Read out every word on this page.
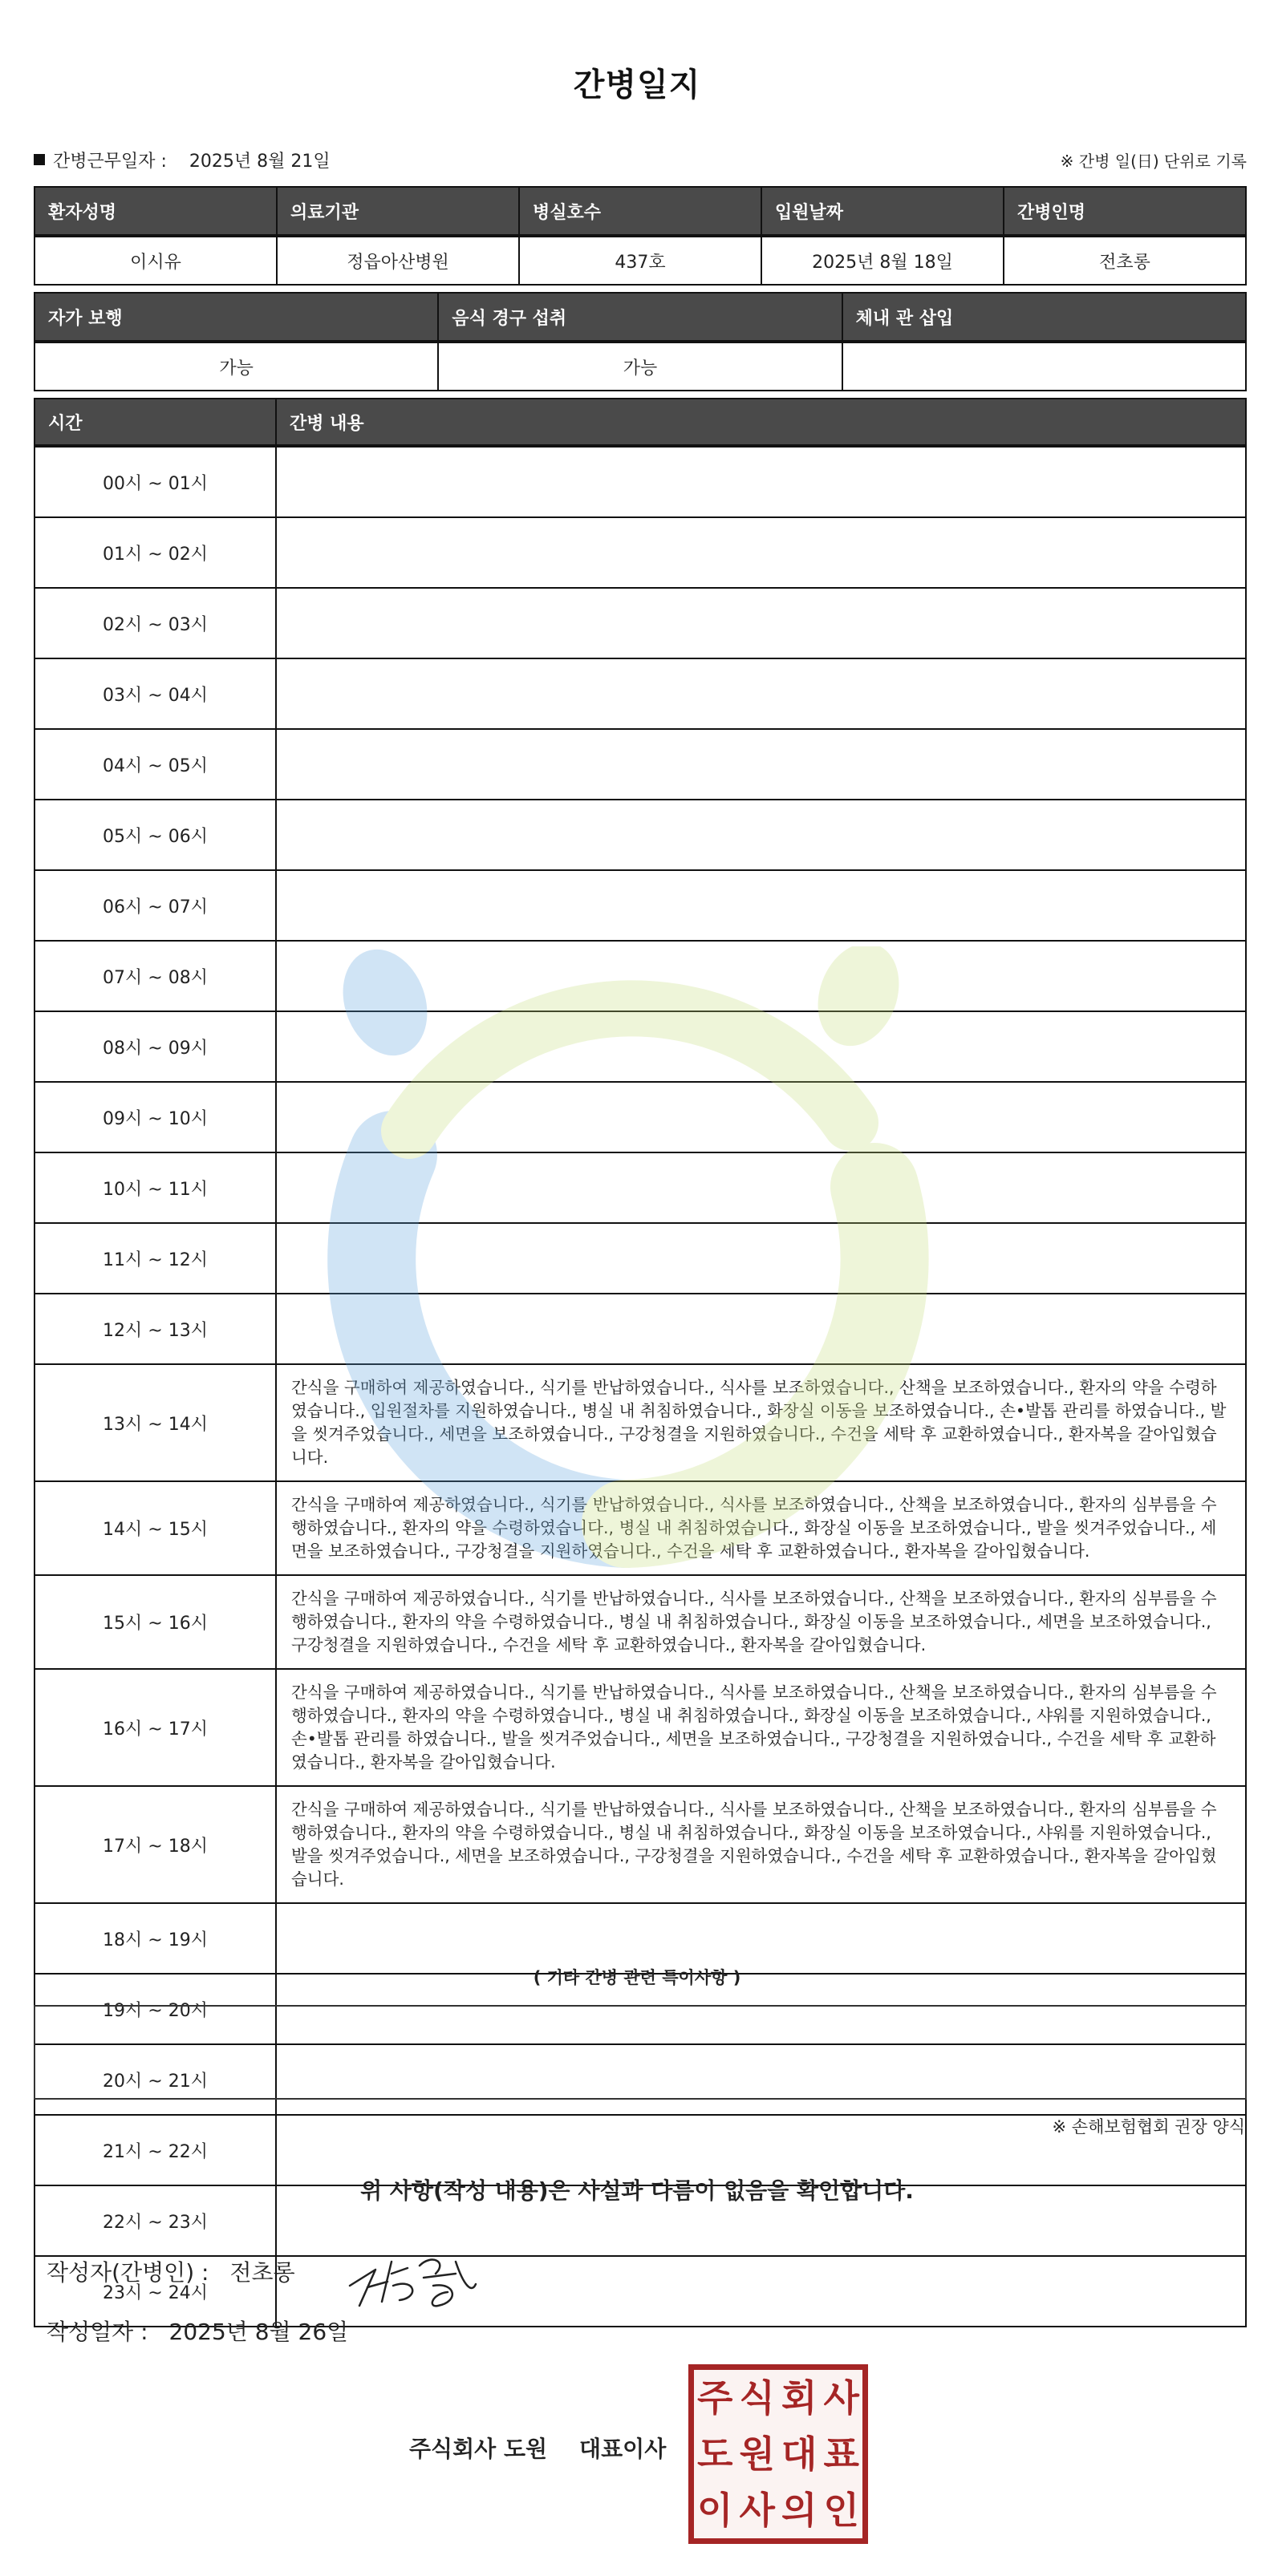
간병일지
간병근무일자 : 2025년 8월 21일	※ 간병 일(日) 단위로 기록
환자성명	의료기관	병실호수	입원날짜	간병인명
이시유	정읍아산병원	437호	2025년 8월 18일	전초롱
자가 보행	음식 경구 섭취	체내 관 삽입
가능	가능	
시간	간병 내용
00시 ~ 01시	
01시 ~ 02시	
02시 ~ 03시	
03시 ~ 04시	
04시 ~ 05시	
05시 ~ 06시	
06시 ~ 07시	
07시 ~ 08시	
08시 ~ 09시	
09시 ~ 10시	
10시 ~ 11시	
11시 ~ 12시	
12시 ~ 13시	
13시 ~ 14시	간식을 구매하여 제공하였습니다., 식기를 반납하였습니다., 식사를 보조하였습니다., 산책을 보조하였습니다., 환자의 약을 수령하였습니다., 입원절차를 지원하였습니다., 병실 내 취침하였습니다., 화장실 이동을 보조하였습니다., 손•발톱 관리를 하였습니다., 발을 씻겨주었습니다., 세면을 보조하였습니다., 구강청결을 지원하였습니다., 수건을 세탁 후 교환하였습니다., 환자복을 갈아입혔습니다.
14시 ~ 15시	간식을 구매하여 제공하였습니다., 식기를 반납하였습니다., 식사를 보조하였습니다., 산책을 보조하였습니다., 환자의 심부름을 수행하였습니다., 환자의 약을 수령하였습니다., 병실 내 취침하였습니다., 화장실 이동을 보조하였습니다., 발을 씻겨주었습니다., 세면을 보조하였습니다., 구강청결을 지원하였습니다., 수건을 세탁 후 교환하였습니다., 환자복을 갈아입혔습니다.
15시 ~ 16시	간식을 구매하여 제공하였습니다., 식기를 반납하였습니다., 식사를 보조하였습니다., 산책을 보조하였습니다., 환자의 심부름을 수행하였습니다., 환자의 약을 수령하였습니다., 병실 내 취침하였습니다., 화장실 이동을 보조하였습니다., 세면을 보조하였습니다., 구강청결을 지원하였습니다., 수건을 세탁 후 교환하였습니다., 환자복을 갈아입혔습니다.
16시 ~ 17시	간식을 구매하여 제공하였습니다., 식기를 반납하였습니다., 식사를 보조하였습니다., 산책을 보조하였습니다., 환자의 심부름을 수행하였습니다., 환자의 약을 수령하였습니다., 병실 내 취침하였습니다., 화장실 이동을 보조하였습니다., 샤워를 지원하였습니다., 손•발톱 관리를 하였습니다., 발을 씻겨주었습니다., 세면을 보조하였습니다., 구강청결을 지원하였습니다., 수건을 세탁 후 교환하였습니다., 환자복을 갈아입혔습니다.
17시 ~ 18시	간식을 구매하여 제공하였습니다., 식기를 반납하였습니다., 식사를 보조하였습니다., 산책을 보조하였습니다., 환자의 심부름을 수행하였습니다., 환자의 약을 수령하였습니다., 병실 내 취침하였습니다., 화장실 이동을 보조하였습니다., 샤워를 지원하였습니다., 발을 씻겨주었습니다., 세면을 보조하였습니다., 구강청결을 지원하였습니다., 수건을 세탁 후 교환하였습니다., 환자복을 갈아입혔습니다.
18시 ~ 19시	
19시 ~ 20시	
20시 ~ 21시	
21시 ~ 22시	
22시 ~ 23시	
23시 ~ 24시	
( 기타 간병 관련 특이사항 )
※ 손해보험협회 권장 양식
위 사항(작성 내용)은 사실과 다름이 없음을 확인합니다.
작성자(간병인) : 전초롱
작성일자 : 2025년 8월 26일
주식회사 도원 대표이사
주 식 회 사
도 원 대 표
이 사 의 인
